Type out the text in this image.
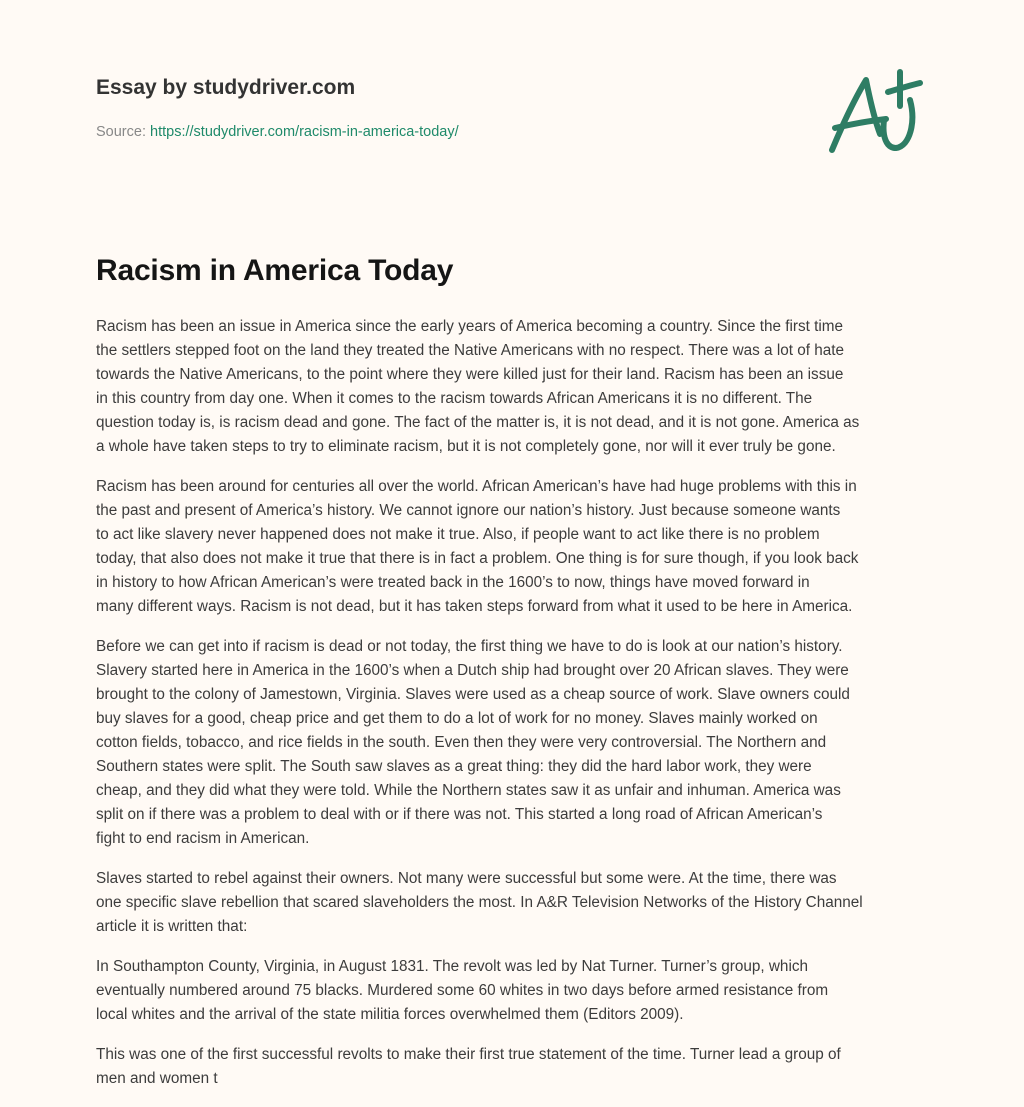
Essay by studydriver.com
Source: https://studydriver.com/racism-in-america-today/
Racism in America Today

Racism has been an issue in America since the early years of America becoming a country. Since the first time
the settlers stepped foot on the land they treated the Native Americans with no respect. There was a lot of hate
towards the Native Americans, to the point where they were killed just for their land. Racism has been an issue
in this country from day one. When it comes to the racism towards African Americans it is no different. The
question today is, is racism dead and gone. The fact of the matter is, it is not dead, and it is not gone. America as
a whole have taken steps to try to eliminate racism, but it is not completely gone, nor will it ever truly be gone.

Racism has been around for centuries all over the world. African American’s have had huge problems with this in
the past and present of America’s history. We cannot ignore our nation’s history. Just because someone wants
to act like slavery never happened does not make it true. Also, if people want to act like there is no problem
today, that also does not make it true that there is in fact a problem. One thing is for sure though, if you look back
in history to how African American’s were treated back in the 1600’s to now, things have moved forward in
many different ways. Racism is not dead, but it has taken steps forward from what it used to be here in America.

Before we can get into if racism is dead or not today, the first thing we have to do is look at our nation’s history.
Slavery started here in America in the 1600’s when a Dutch ship had brought over 20 African slaves. They were
brought to the colony of Jamestown, Virginia. Slaves were used as a cheap source of work. Slave owners could
buy slaves for a good, cheap price and get them to do a lot of work for no money. Slaves mainly worked on
cotton fields, tobacco, and rice fields in the south. Even then they were very controversial. The Northern and
Southern states were split. The South saw slaves as a great thing: they did the hard labor work, they were
cheap, and they did what they were told. While the Northern states saw it as unfair and inhuman. America was
split on if there was a problem to deal with or if there was not. This started a long road of African American’s
fight to end racism in American.

Slaves started to rebel against their owners. Not many were successful but some were. At the time, there was
one specific slave rebellion that scared slaveholders the most. In A&R Television Networks of the History Channel
article it is written that:

In Southampton County, Virginia, in August 1831. The revolt was led by Nat Turner. Turner’s group, which
eventually numbered around 75 blacks. Murdered some 60 whites in two days before armed resistance from
local whites and the arrival of the state militia forces overwhelmed them (Editors 2009).

This was one of the first successful revolts to make their first true statement of the time. Turner lead a group of
men and women t
